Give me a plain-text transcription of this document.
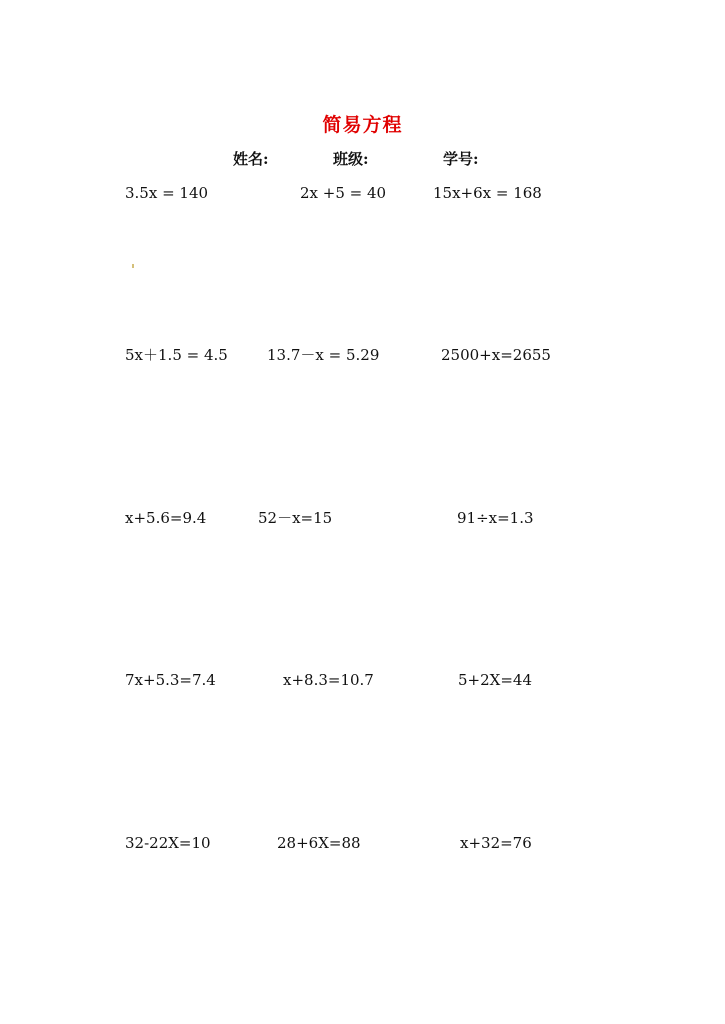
简易方程
姓名:	班级:	学号:
3.5x = 140	2x +5 = 40	15x+6x = 168
5x＋1.5 = 4.5	13.7－x = 5.29	2500+x=2655
x+5.6=9.4	52－x=15	91÷x=1.3
7x+5.3=7.4	x+8.3=10.7	5+2X=44
32-22X=10	28+6X=88	x+32=76
